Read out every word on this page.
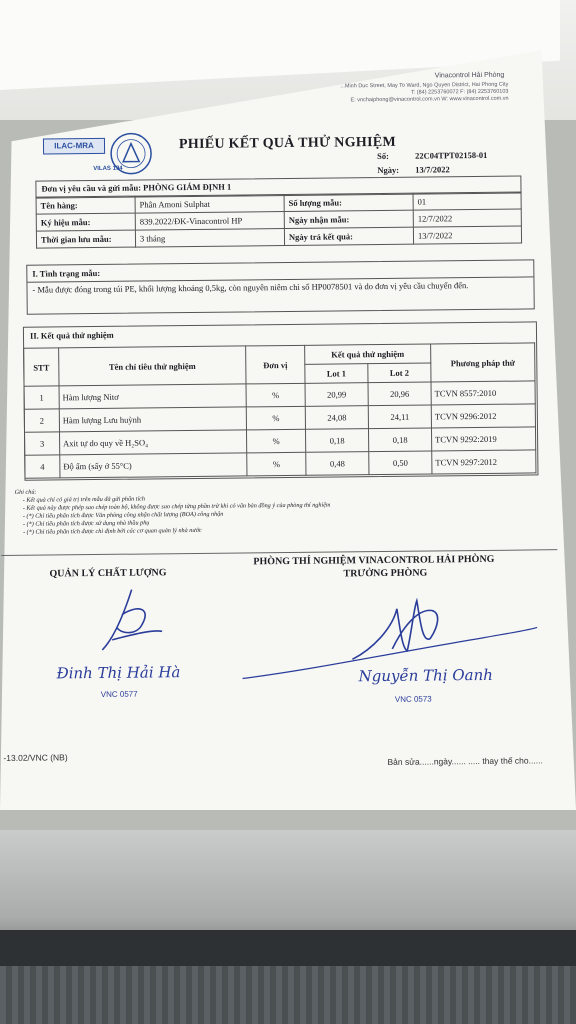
Vinacontrol Hải Phòng
...Minh Duc Street, May To Ward, Ngo Quyen District, Hai Phong City
T: (84) 2253760072 F: (84) 2253760103
E: vnchaiphong@vinacontrol.com.vn W: www.vinacontrol.com.vn
ILAC-MRA
VILAS 194
PHIẾU KẾT QUẢ THỬ NGHIỆM
Số:	22C04TPT02158-01
Ngày: 13/7/2022
Đơn vị yêu cầu và gửi mẫu: PHÒNG GIÁM ĐỊNH 1
Tên hàng:	Phân Amoni Sulphat	Số lượng mẫu:	01
Ký hiệu mẫu:	839.2022/ĐK-Vinacontrol HP	Ngày nhận mẫu:	12/7/2022
Thời gian lưu mẫu:	3 tháng	Ngày trả kết quả:	13/7/2022
I. Tình trạng mẫu:
- Mẫu được đóng trong túi PE, khối lượng khoảng 0,5kg, còn nguyên niêm chì số HP0078501 và do đơn vị yêu cầu chuyển đến.
II. Kết quả thử nghiệm
STT	Tên chỉ tiêu thử nghiệm	Đơn vị	Kết quả thử nghiệm		Phương pháp thử
			Lot 1	Lot 2	
1	Hàm lượng Nitơ	%	20,99	20,96	TCVN 8557:2010
2	Hàm lượng Lưu huỳnh	%	24,08	24,11	TCVN 9296:2012
3	Axit tự do quy về H₂SO₄	%	0,18	0,18	TCVN 9292:2019
4	Độ ẩm (sấy ở 55°C)	%	0,48	0,50	TCVN 9297:2012
Ghi chú:
- Kết quả chỉ có giá trị trên mẫu đã gửi phân tích
- Kết quả này được phép sao chép toàn bộ, không được sao chép từng phần trừ khi có văn bản đồng ý của phòng thí nghiệm
- (*) Chỉ tiêu phân tích được Văn phòng công nhận chất lượng (BOA) công nhận
- (*) Chỉ tiêu phân tích được sử dụng nhà thầu phụ
- (*) Chỉ tiêu phân tích được chỉ định bởi các cơ quan quản lý nhà nước
QUẢN LÝ CHẤT LƯỢNG
PHÒNG THÍ NGHIỆM VINACONTROL HẢI PHÒNG
TRƯỞNG PHÒNG
Đinh Thị Hải Hà
VNC 0577
Nguyễn Thị Oanh
VNC 0573
-13.02/VNC (NB)	Bản sửa......ngày...... ..... thay thế cho......
